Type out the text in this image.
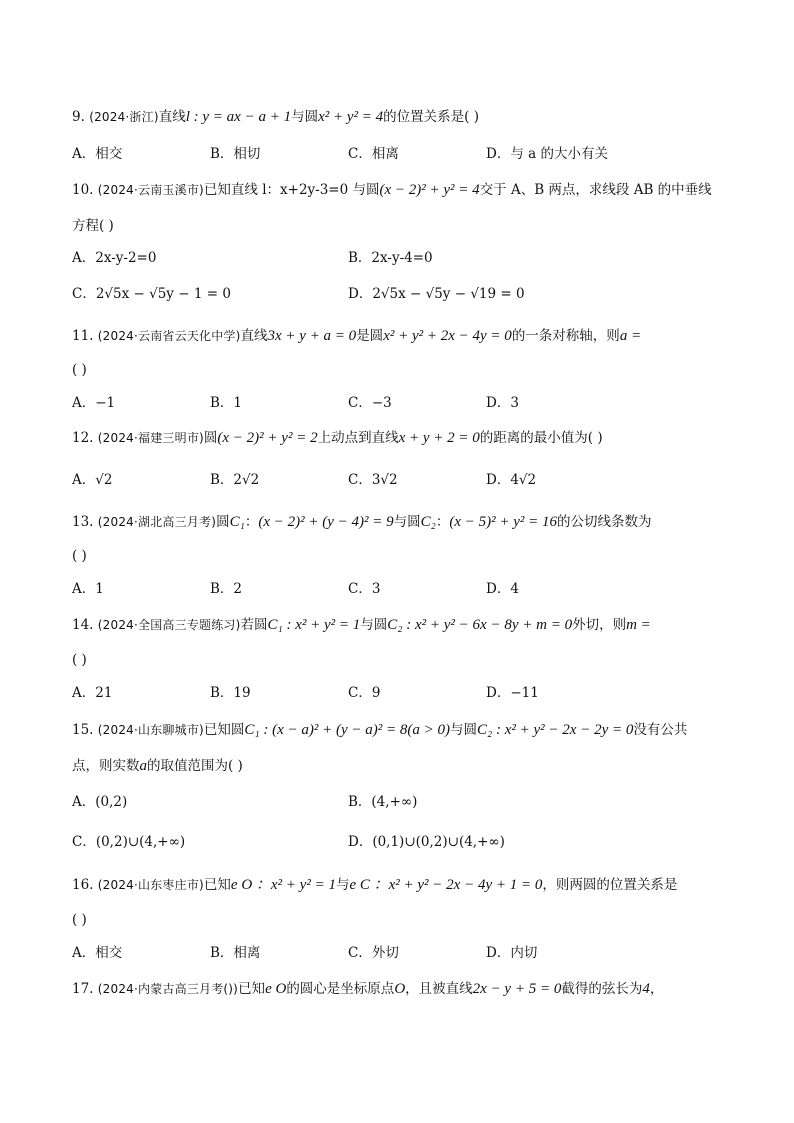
9. (2024·浙江)直线l : y = ax − a + 1与圆x² + y² = 4的位置关系是( )
A．相交	B．相切	C．相离	D．与 a 的大小有关
10. (2024·云南玉溪市)已知直线 l：x+2y-3=0 与圆(x − 2)² + y² = 4交于 A、B 两点，求线段 AB 的中垂线
方程( )
A．2x-y-2=0	B．2x-y-4=0
C．2√5x − √5y − 1 = 0	D．2√5x − √5y − √19 = 0
11. (2024·云南省云天化中学)直线3x + y + a = 0是圆x² + y² + 2x − 4y = 0的一条对称轴，则a =
( )
A．−1	B．1	C．−3	D．3
12. (2024·福建三明市)圆(x − 2)² + y² = 2上动点到直线x + y + 2 = 0的距离的最小值为( )
A．√2	B．2√2	C．3√2	D．4√2
13. (2024·湖北高三月考)圆C₁：(x − 2)² + (y − 4)² = 9与圆C₂：(x − 5)² + y² = 16的公切线条数为
( )
A．1	B．2	C．3	D．4
14. (2024·全国高三专题练习)若圆C₁ : x² + y² = 1与圆C₂ : x² + y² − 6x − 8y + m = 0外切，则m =
( )
A．21	B．19	C．9	D．−11
15. (2024·山东聊城市)已知圆C₁ : (x − a)² + (y − a)² = 8(a > 0)与圆C₂ : x² + y² − 2x − 2y = 0没有公共
点，则实数a的取值范围为( )
A．(0,2)	B．(4,+∞)
C．(0,2)∪(4,+∞)	D．(0,1)∪(0,2)∪(4,+∞)
16. (2024·山东枣庄市)已知e O ：x² + y² = 1与e C ：x² + y² − 2x − 4y + 1 = 0，则两圆的位置关系是
( )
A．相交	B．相离	C．外切	D．内切
17. (2024·内蒙古高三月考())已知e O的圆心是坐标原点O，且被直线2x − y + 5 = 0截得的弦长为4，
